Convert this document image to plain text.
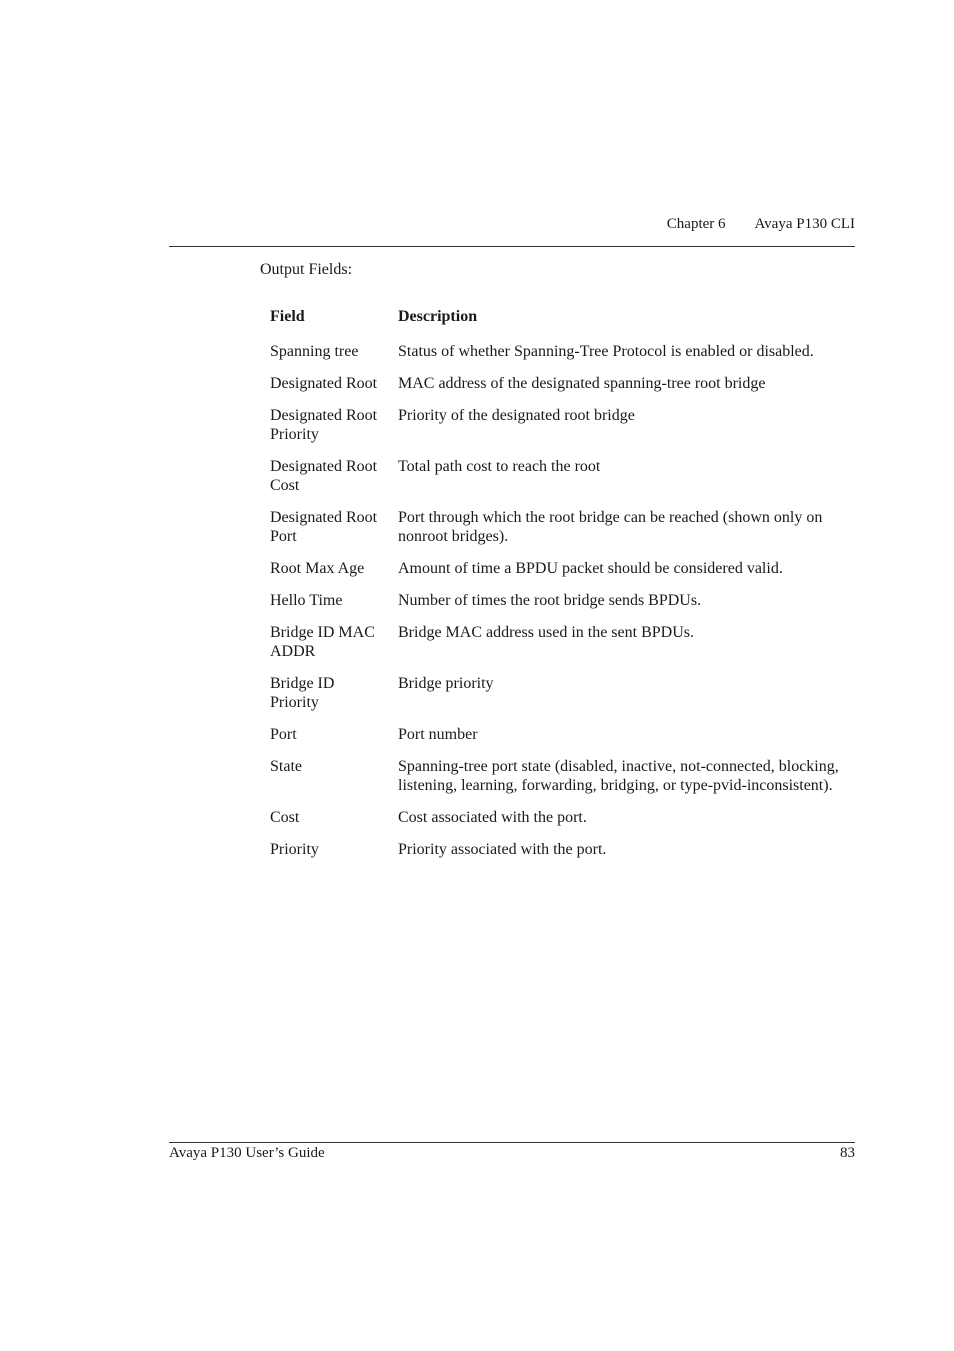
Chapter 6 Avaya P130 CLI
Output Fields:
Field	Description
Spanning tree	Status of whether Spanning-Tree Protocol is enabled or disabled.
Designated Root	MAC address of the designated spanning-tree root bridge
Designated Root Priority	Priority of the designated root bridge
Designated Root Cost	Total path cost to reach the root
Designated Root Port	Port through which the root bridge can be reached (shown only on nonroot bridges).
Root Max Age	Amount of time a BPDU packet should be considered valid.
Hello Time	Number of times the root bridge sends BPDUs.
Bridge ID MAC ADDR	Bridge MAC address used in the sent BPDUs.
Bridge ID Priority	Bridge priority
Port	Port number
State	Spanning-tree port state (disabled, inactive, not-connected, blocking, listening, learning, forwarding, bridging, or type-pvid-inconsistent).
Cost	Cost associated with the port.
Priority	Priority associated with the port.
Avaya P130 User’s Guide	83
